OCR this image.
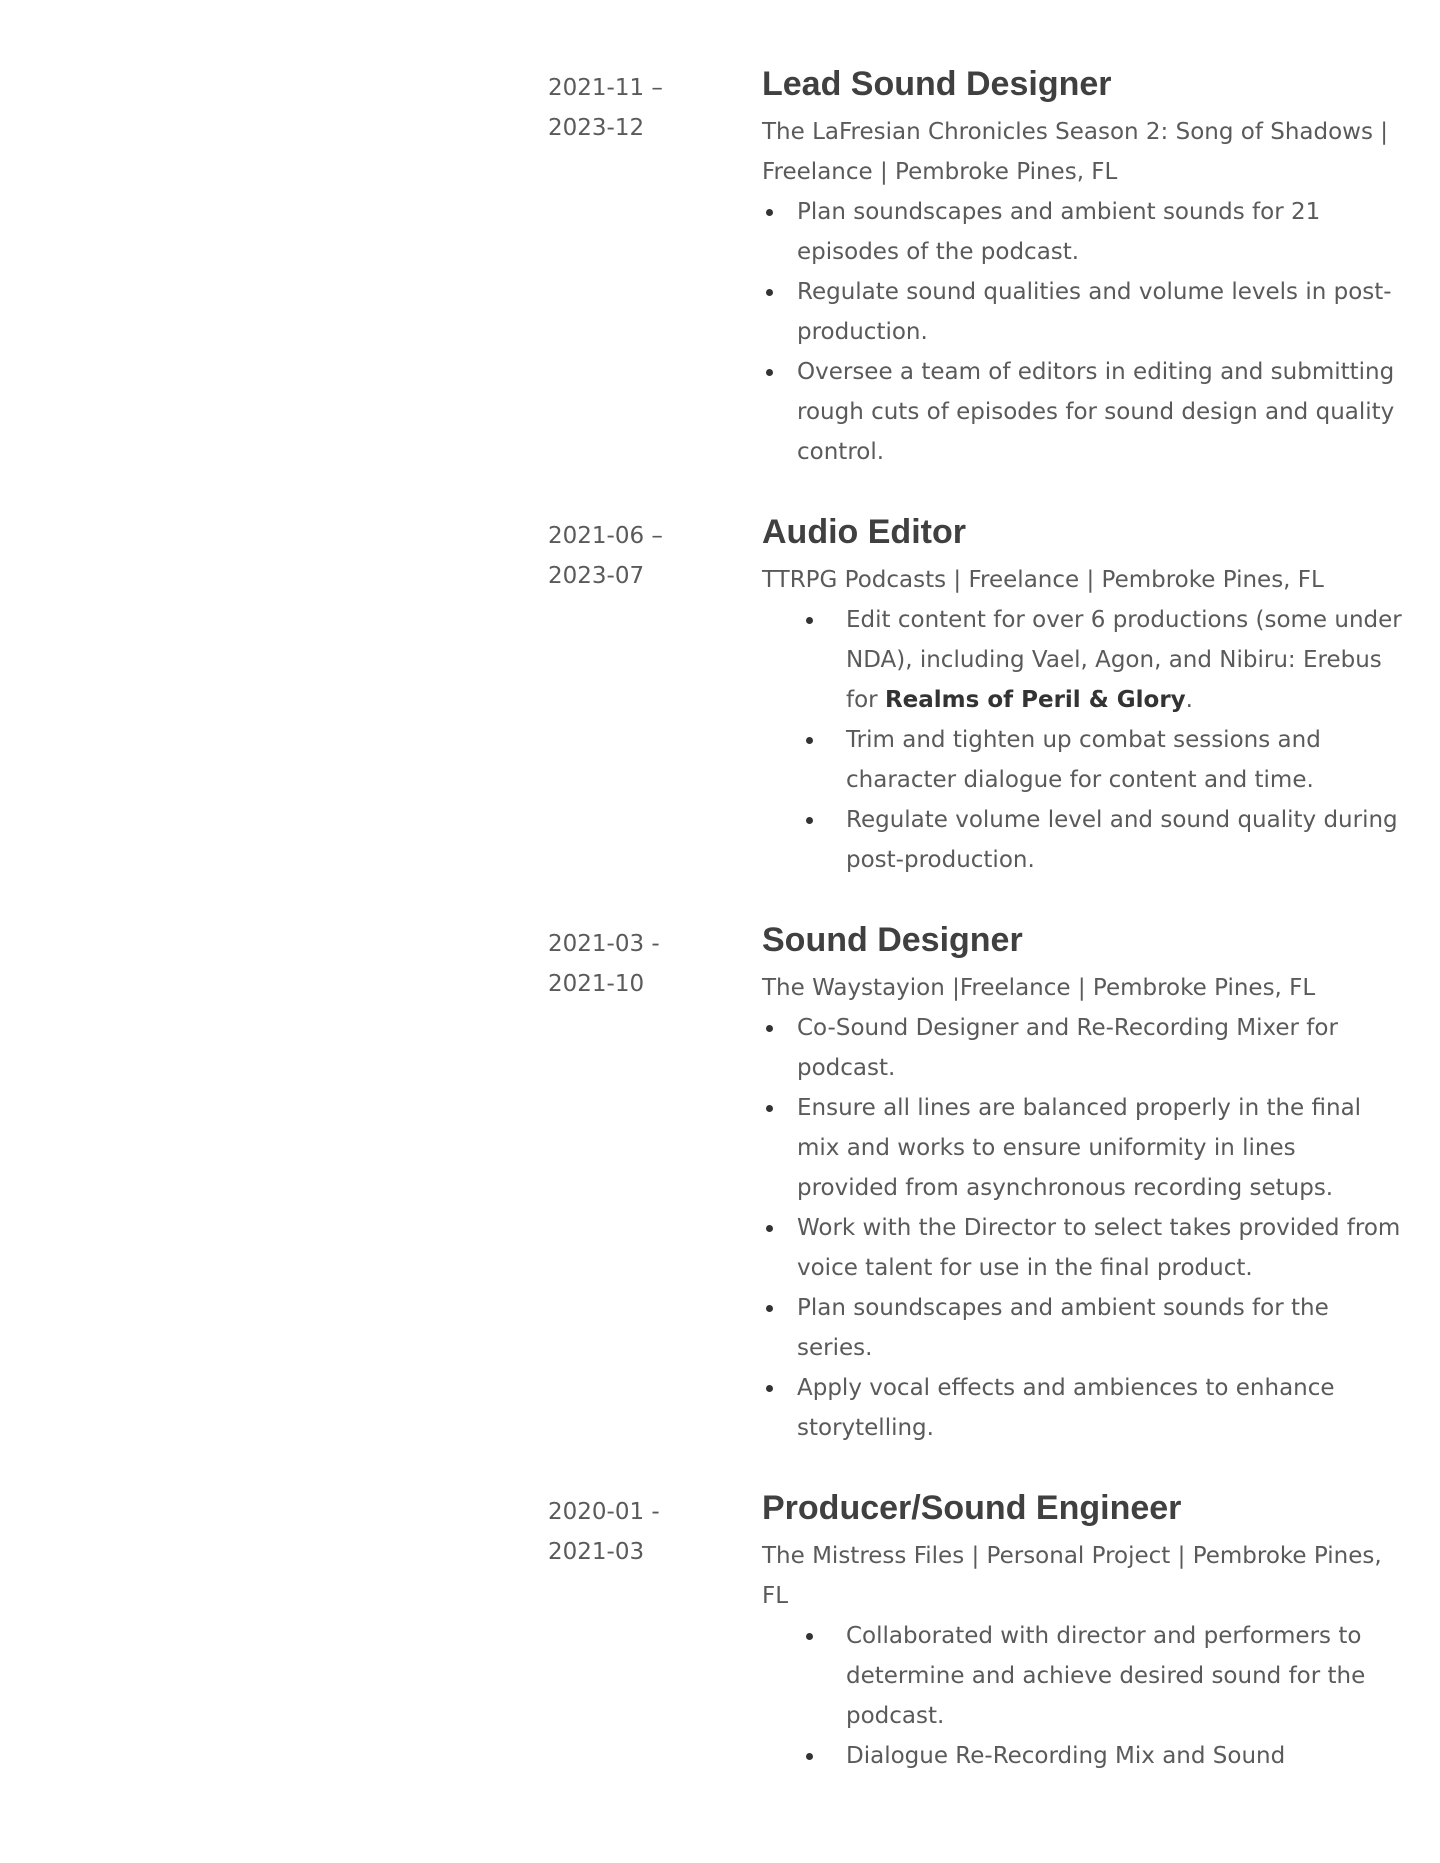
2021-11 –
2023-12
Lead Sound Designer

The LaFresian Chronicles Season 2: Song of Shadows | Freelance | Pembroke Pines, FL

Plan soundscapes and ambient sounds for 21 episodes of the podcast.
Regulate sound qualities and volume levels in post-production.
Oversee a team of editors in editing and submitting rough cuts of episodes for sound design and quality control.
2021-06 –
2023-07
Audio Editor

TTRPG Podcasts | Freelance | Pembroke Pines, FL

Edit content for over 6 productions (some under NDA), including Vael, Agon, and Nibiru: Erebus for Realms of Peril & Glory.
Trim and tighten up combat sessions and character dialogue for content and time.
Regulate volume level and sound quality during post-production.
2021-03 -
2021-10
Sound Designer

The Waystayion |Freelance | Pembroke Pines, FL

Co-Sound Designer and Re-Recording Mixer for podcast.
Ensure all lines are balanced properly in the final mix and works to ensure uniformity in lines provided from asynchronous recording setups.
Work with the Director to select takes provided from voice talent for use in the final product.
Plan soundscapes and ambient sounds for the series.
Apply vocal effects and ambiences to enhance storytelling.
2020-01 -
2021-03
Producer/Sound Engineer

The Mistress Files | Personal Project | Pembroke Pines, FL

Collaborated with director and performers to determine and achieve desired sound for the podcast.
Dialogue Re-Recording Mix and Sound
